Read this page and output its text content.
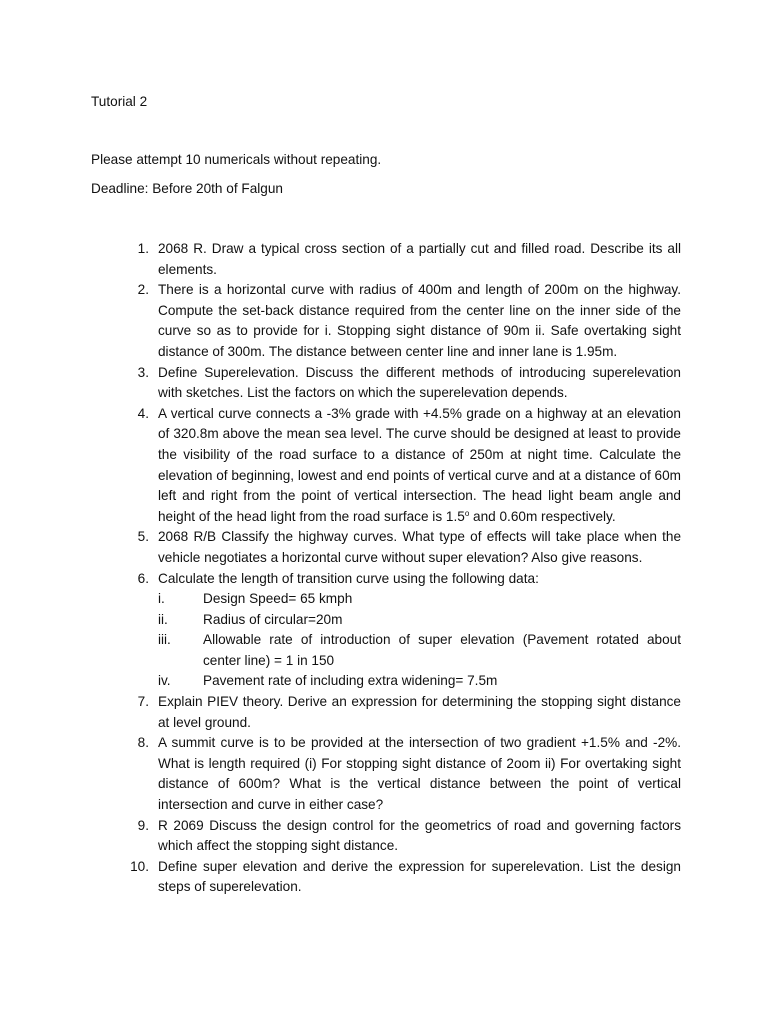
Tutorial 2
Please attempt 10 numericals without repeating.
Deadline: Before 20th of Falgun
1. 2068 R. Draw a typical cross section of a partially cut and filled road. Describe its all elements.
2. There is a horizontal curve with radius of 400m and length of 200m on the highway. Compute the set-back distance required from the center line on the inner side of the curve so as to provide for i. Stopping sight distance of 90m ii. Safe overtaking sight distance of 300m. The distance between center line and inner lane is 1.95m.
3. Define Superelevation. Discuss the different methods of introducing superelevation with sketches. List the factors on which the superelevation depends.
4. A vertical curve connects a -3% grade with +4.5% grade on a highway at an elevation of 320.8m above the mean sea level. The curve should be designed at least to provide the visibility of the road surface to a distance of 250m at night time. Calculate the elevation of beginning, lowest and end points of vertical curve and at a distance of 60m left and right from the point of vertical intersection. The head light beam angle and height of the head light from the road surface is 1.5$^o$ and 0.60m respectively.
5. 2068 R/B Classify the highway curves. What type of effects will take place when the vehicle negotiates a horizontal curve without super elevation? Also give reasons.
6. Calculate the length of transition curve using the following data:
i.	Design Speed= 65 kmph
ii.	Radius of circular=20m
iii. Allowable rate of introduction of super elevation (Pavement rotated about center line) = 1 in 150
iv. Pavement rate of including extra widening= 7.5m
7. Explain PIEV theory. Derive an expression for determining the stopping sight distance at level ground.
8. A summit curve is to be provided at the intersection of two gradient +1.5% and -2%. What is length required (i) For stopping sight distance of 2oom ii) For overtaking sight distance of 600m? What is the vertical distance between the point of vertical intersection and curve in either case?
9. R 2069 Discuss the design control for the geometrics of road and governing factors which affect the stopping sight distance.
10. Define super elevation and derive the expression for superelevation. List the design steps of superelevation.
